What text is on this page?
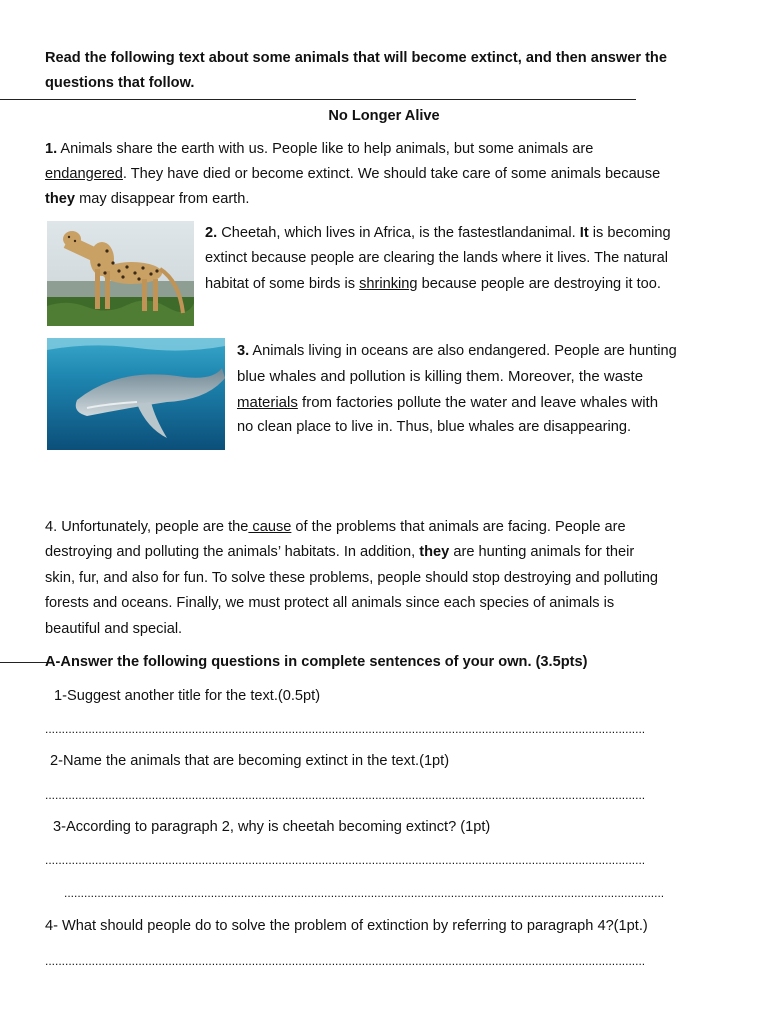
Read the following text about some animals that will become extinct, and then answer the
questions that follow.
No Longer Alive
1. Animals share the earth with us. People like to help animals, but some animals are
endangered. They have died or become extinct. We should take care of some animals because
they may disappear from earth.
2. Cheetah, which lives in Africa, is the fastestlandanimal. It is becoming
extinct because people are clearing the lands where it lives. The natural
habitat of some birds is shrinking because people are destroying it too.
3. Animals living in oceans are also endangered. People are hunting
blue whales and pollution is killing them. Moreover, the waste
materials from factories pollute the water and leave whales with
no clean place to live in. Thus, blue whales are disappearing.
4. Unfortunately, people are the cause of the problems that animals are facing. People are
destroying and polluting the animals’ habitats. In addition, they are hunting animals for their
skin, fur, and also for fun. To solve these problems, people should stop destroying and polluting
forests and oceans. Finally, we must protect all animals since each species of animals is
beautiful and special.
A-Answer the following questions in complete sentences of your own. (3.5pts)
1-Suggest another title for the text.(0.5pt)
....................................................................................................................................................................................
2-Name the animals that are becoming extinct in the text.(1pt)
....................................................................................................................................................................................
3-According to paragraph 2, why is cheetah becoming extinct? (1pt)
....................................................................................................................................................................................
....................................................................................................................................................................................
4- What should people do to solve the problem of extinction by referring to paragraph 4?(1pt.)
....................................................................................................................................................................................
